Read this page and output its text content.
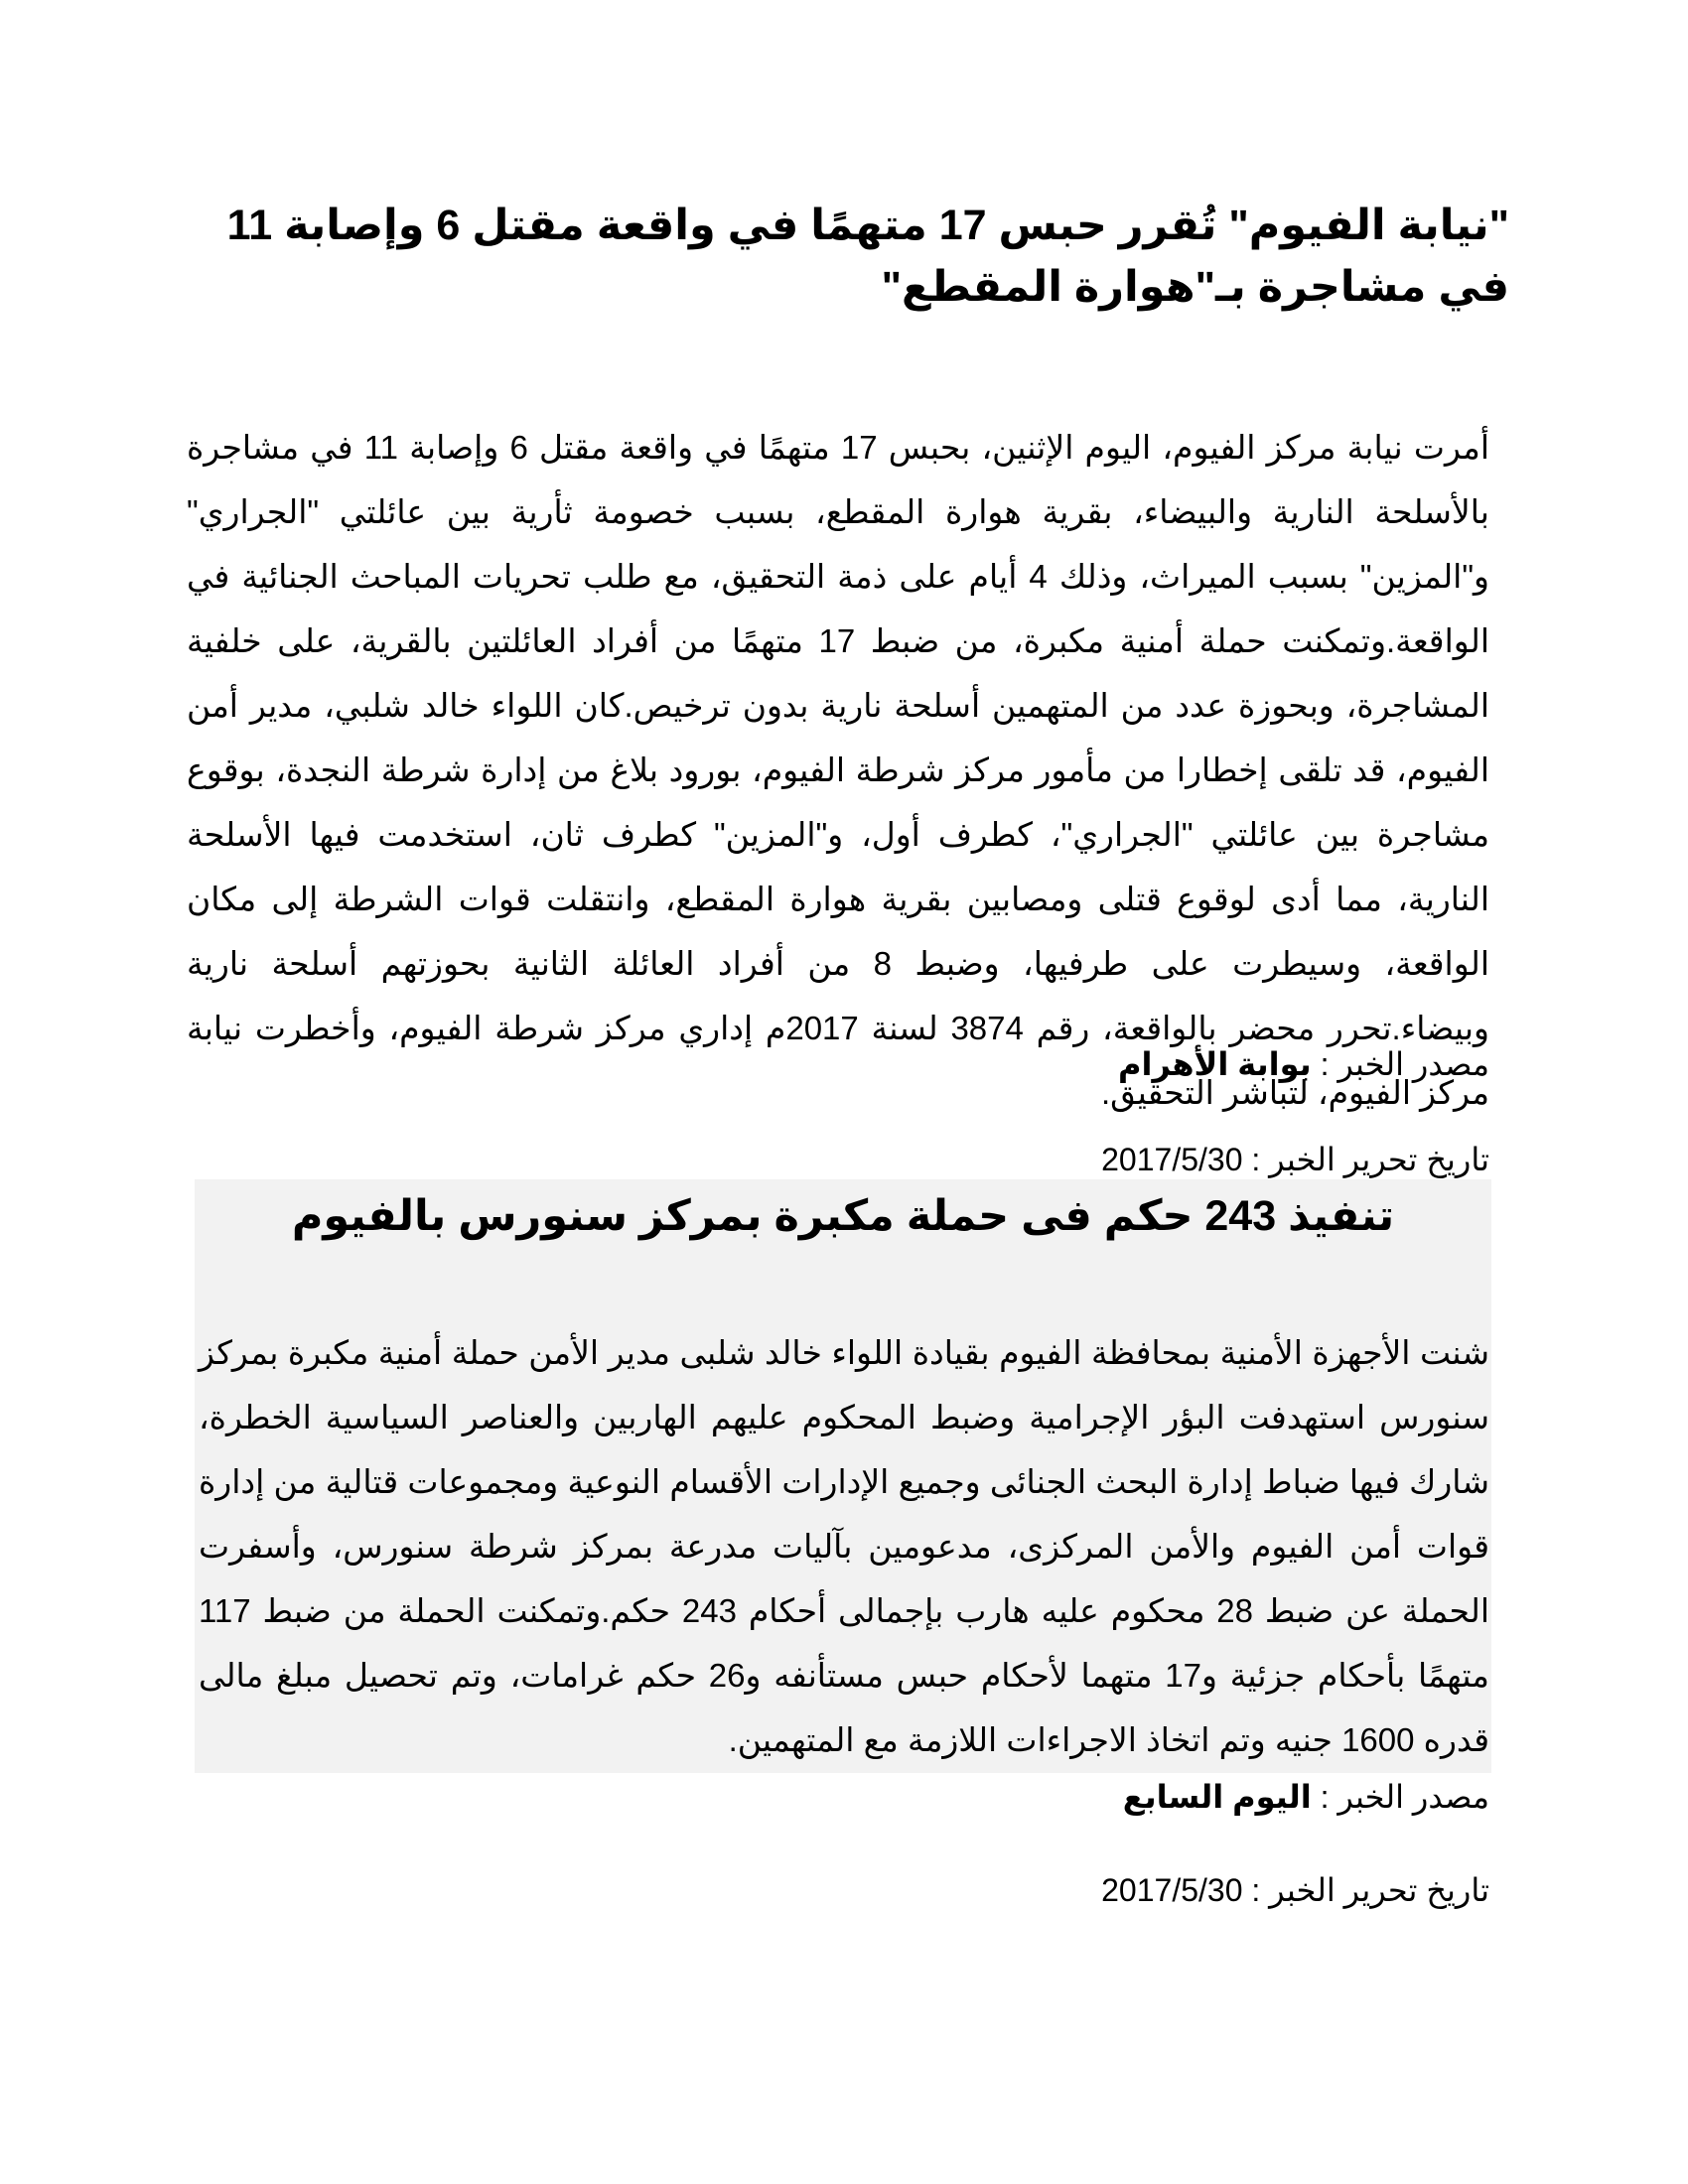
"نيابة الفيوم" تُقرر حبس 17 متهمًا في واقعة مقتل 6 وإصابة 11 في مشاجرة بـ"هوارة المقطع"

أمرت نيابة مركز الفيوم، اليوم الإثنين، بحبس 17 متهمًا في واقعة مقتل 6 وإصابة 11 في مشاجرة بالأسلحة النارية والبيضاء، بقرية هوارة المقطع، بسبب خصومة ثأرية بين عائلتي "الجراري" و"المزين" بسبب الميراث، وذلك 4 أيام على ذمة التحقيق، مع طلب تحريات المباحث الجنائية في الواقعة.وتمكنت حملة أمنية مكبرة، من ضبط 17 متهمًا من أفراد العائلتين بالقرية، على خلفية المشاجرة، وبحوزة عدد من المتهمين أسلحة نارية بدون ترخيص.كان اللواء خالد شلبي، مدير أمن الفيوم، قد تلقى إخطارا من مأمور مركز شرطة الفيوم، بورود بلاغ من إدارة شرطة النجدة، بوقوع مشاجرة بين عائلتي "الجراري"، كطرف أول، و"المزين" كطرف ثان، استخدمت فيها الأسلحة النارية، مما أدى لوقوع قتلى ومصابين بقرية هوارة المقطع، وانتقلت قوات الشرطة إلى مكان الواقعة، وسيطرت على طرفيها، وضبط 8 من أفراد العائلة الثانية بحوزتهم أسلحة نارية وبيضاء.تحرر محضر بالواقعة، رقم 3874 لسنة 2017م إداري مركز شرطة الفيوم، وأخطرت نيابة مركز الفيوم، لتباشر التحقيق.

مصدر الخبر : بوابة الأهرام
تاريخ تحرير الخبر : 2017/5/30
تنفيذ 243 حكم فى حملة مكبرة بمركز سنورس بالفيوم

شنت الأجهزة الأمنية بمحافظة الفيوم بقيادة اللواء خالد شلبى مدير الأمن حملة أمنية مكبرة بمركز سنورس استهدفت البؤر الإجرامية وضبط المحكوم عليهم الهاربين والعناصر السياسية الخطرة، شارك فيها ضباط إدارة البحث الجنائى وجميع الإدارات الأقسام النوعية ومجموعات قتالية من إدارة قوات أمن الفيوم والأمن المركزى، مدعومين بآليات مدرعة بمركز شرطة سنورس، وأسفرت الحملة عن ضبط 28 محكوم عليه هارب بإجمالى أحكام 243 حكم.وتمكنت الحملة من ضبط 117 متهمًا بأحكام جزئية و17 متهما لأحكام حبس مستأنفه و26 حكم غرامات، وتم تحصيل مبلغ مالى قدره 1600 جنيه وتم اتخاذ الاجراءات اللازمة مع المتهمين.

مصدر الخبر : اليوم السابع
تاريخ تحرير الخبر : 2017/5/30
